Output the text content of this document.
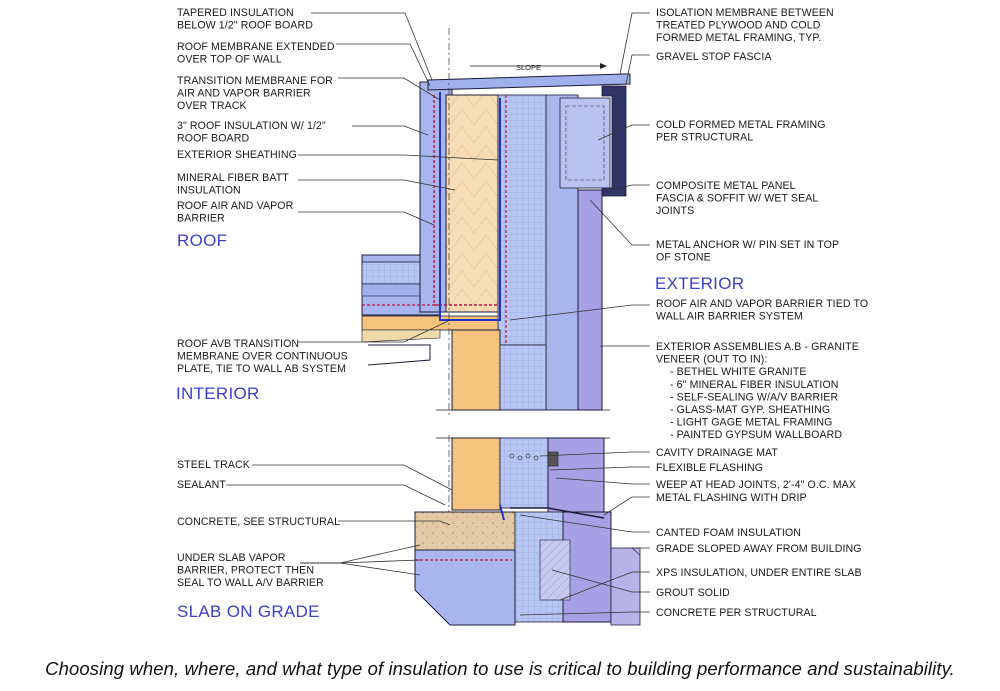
SLOPE
ROOF
INTERIOR
EXTERIOR
SLAB ON GRADE
TAPERED INSULATION BELOW 1/2" ROOF BOARD
ROOF MEMBRANE EXTENDED OVER TOP OF WALL
TRANSITION MEMBRANE FOR AIR AND VAPOR BARRIER OVER TRACK
3" ROOF INSULATION W/ 1/2" ROOF BOARD
EXTERIOR SHEATHING
MINERAL FIBER BATT INSULATION
ROOF AIR AND VAPOR BARRIER
ROOF AVB TRANSITION MEMBRANE OVER CONTINUOUS PLATE, TIE TO WALL AB SYSTEM
STEEL TRACK
SEALANT
CONCRETE, SEE STRUCTURAL
UNDER SLAB VAPOR BARRIER, PROTECT THEN SEAL TO WALL A/V BARRIER
ISOLATION MEMBRANE BETWEEN TREATED PLYWOOD AND COLD FORMED METAL FRAMING, TYP.
GRAVEL STOP FASCIA
COLD FORMED METAL FRAMING PER STRUCTURAL
COMPOSITE METAL PANEL FASCIA & SOFFIT W/ WET SEAL JOINTS
METAL ANCHOR W/ PIN SET IN TOP OF STONE
ROOF AIR AND VAPOR BARRIER TIED TO WALL AIR BARRIER SYSTEM
EXTERIOR ASSEMBLIES A.B - GRANITE VENEER (OUT TO IN): - BETHEL WHITE GRANITE - 6" MINERAL FIBER INSULATION - SELF-SEALING W/A/V BARRIER - GLASS-MAT GYP. SHEATHING - LIGHT GAGE METAL FRAMING - PAINTED GYPSUM WALLBOARD
CAVITY DRAINAGE MAT
FLEXIBLE FLASHING
WEEP AT HEAD JOINTS, 2'-4" O.C. MAX
METAL FLASHING WITH DRIP
CANTED FOAM INSULATION
GRADE SLOPED AWAY FROM BUILDING
XPS INSULATION, UNDER ENTIRE SLAB
GROUT SOLID
CONCRETE PER STRUCTURAL

Choosing when, where, and what type of insulation to use is critical to building performance and sustainability.
